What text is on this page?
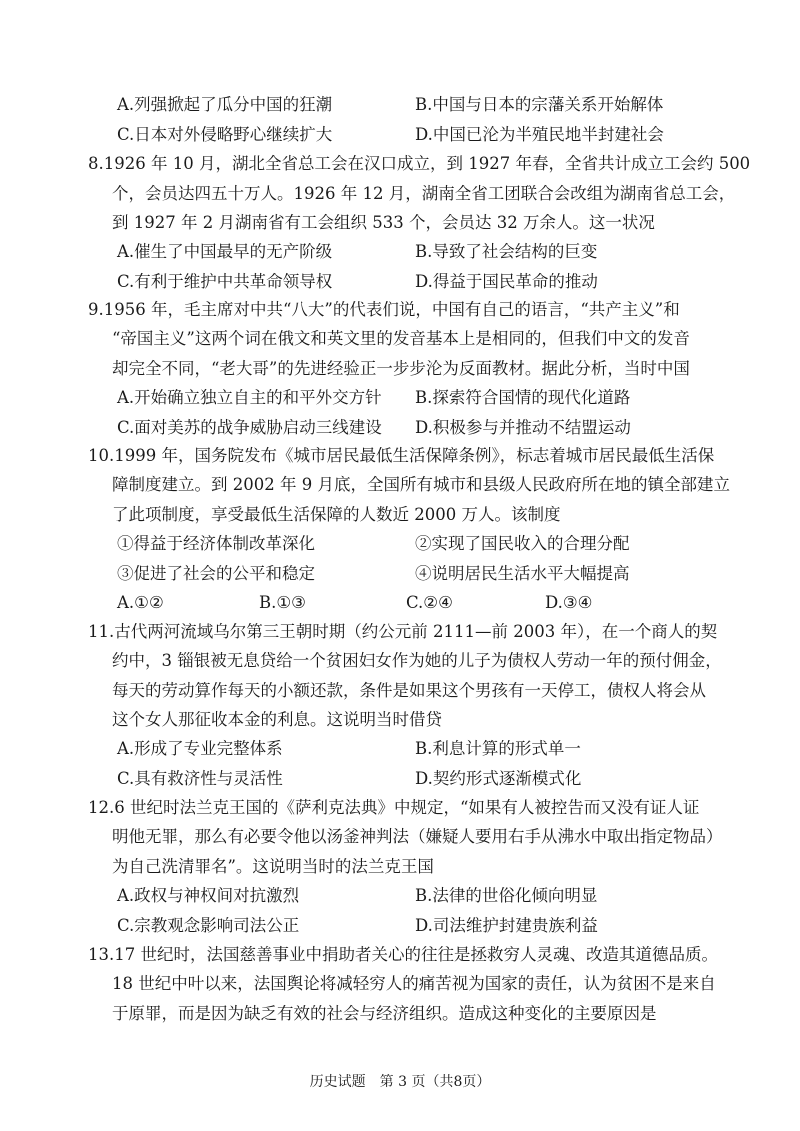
A.列强掀起了瓜分中国的狂潮	B.中国与日本的宗藩关系开始解体
C.日本对外侵略野心继续扩大	D.中国已沦为半殖民地半封建社会
8.1926 年 10 月，湖北全省总工会在汉口成立，到 1927 年春，全省共计成立工会约 500
个，会员达四五十万人。1926 年 12 月，湖南全省工团联合会改组为湖南省总工会，
到 1927 年 2 月湖南省有工会组织 533 个，会员达 32 万余人。这一状况
A.催生了中国最早的无产阶级	B.导致了社会结构的巨变
C.有利于维护中共革命领导权	D.得益于国民革命的推动
9.1956 年，毛主席对中共“八大”的代表们说，中国有自己的语言，“共产主义”和
“帝国主义”这两个词在俄文和英文里的发音基本上是相同的，但我们中文的发音
却完全不同，“老大哥”的先进经验正一步步沦为反面教材。据此分析，当时中国
A.开始确立独立自主的和平外交方针 B.探索符合国情的现代化道路
C.面对美苏的战争威胁启动三线建设 D.积极参与并推动不结盟运动
10.1999 年，国务院发布《城市居民最低生活保障条例》，标志着城市居民最低生活保
障制度建立。到 2002 年 9 月底，全国所有城市和县级人民政府所在地的镇全部建立
了此项制度，享受最低生活保障的人数近 2000 万人。该制度
①得益于经济体制改革深化	②实现了国民收入的合理分配
③促进了社会的公平和稳定	④说明居民生活水平大幅提高
A.①②	B.①③	C.②④	D.③④
11.古代两河流域乌尔第三王朝时期（约公元前 2111—前 2003 年），在一个商人的契
约中，3 锱银被无息贷给一个贫困妇女作为她的儿子为债权人劳动一年的预付佣金，
每天的劳动算作每天的小额还款，条件是如果这个男孩有一天停工，债权人将会从
这个女人那征收本金的利息。这说明当时借贷
A.形成了专业完整体系	B.利息计算的形式单一
C.具有救济性与灵活性	D.契约形式逐渐模式化
12.6 世纪时法兰克王国的《萨利克法典》中规定，“如果有人被控告而又没有证人证
明他无罪，那么有必要令他以汤釜神判法（嫌疑人要用右手从沸水中取出指定物品）
为自己洗清罪名”。这说明当时的法兰克王国
A.政权与神权间对抗激烈	B.法律的世俗化倾向明显
C.宗教观念影响司法公正	D.司法维护封建贵族利益
13.17 世纪时，法国慈善事业中捐助者关心的往往是拯救穷人灵魂、改造其道德品质。
18 世纪中叶以来，法国舆论将减轻穷人的痛苦视为国家的责任，认为贫困不是来自
于原罪，而是因为缺乏有效的社会与经济组织。造成这种变化的主要原因是
历史试题　第 3 页（共8页）
